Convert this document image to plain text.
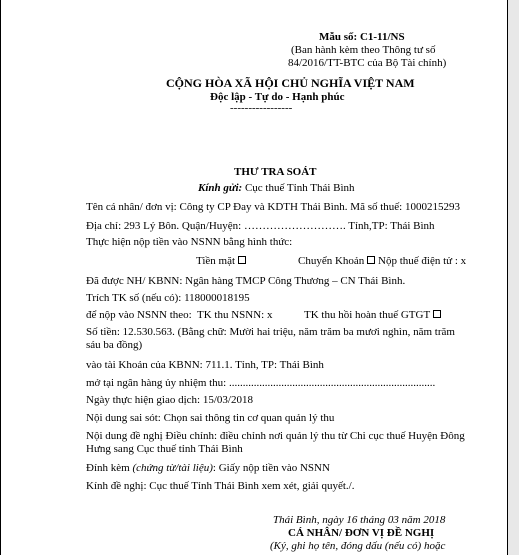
Mẫu số: C1-11/NS
(Ban hành kèm theo Thông tư số
84/2016/TT-BTC của Bộ Tài chính)
CỘNG HÒA XÃ HỘI CHỦ NGHĨA VIỆT NAM
Độc lập - Tự do - Hạnh phúc
-----------------
THƯ TRA SOÁT
Kính gửi: Cục thuế Tỉnh Thái Bình
Tên cá nhân/ đơn vị: Công ty CP Đay và KDTH Thái Bình. Mã số thuế: 1000215293
Địa chỉ: 293 Lý Bôn. Quận/Huyện: ………………………. Tỉnh,TP: Thái Bình
Thực hiện nộp tiền vào NSNN bằng hình thức:
Tiền mặt	Chuyển Khoản	Nộp thuế điện tử : x
Đã được NH/ KBNN: Ngân hàng TMCP Công Thương – CN Thái Bình.
Trích TK số (nếu có): 118000018195
để nộp vào NSNN theo: TK thu NSNN: x	TK thu hồi hoàn thuế GTGT
Số tiền: 12.530.563. (Bằng chữ: Mười hai triệu, năm trăm ba mươi nghìn, năm trăm
sáu ba đồng)
vào tài Khoản của KBNN: 711.1. Tỉnh, TP: Thái Bình
mở tại ngân hàng ủy nhiệm thu: ...........................................................................
Ngày thực hiện giao dịch: 15/03/2018
Nội dung sai sót: Chọn sai thông tin cơ quan quản lý thu
Nội dung đề nghị Điều chỉnh: điều chỉnh nơi quản lý thu từ Chi cục thuế Huyện Đông
Hưng sang Cục thuế tỉnh Thái Bình
Đính kèm (chứng từ/tài liệu): Giấy nộp tiền vào NSNN
Kính đề nghị: Cục thuế Tỉnh Thái Bình xem xét, giải quyết./.
Thái Bình, ngày 16 tháng 03 năm 2018
CÁ NHÂN/ ĐƠN VỊ ĐỀ NGHỊ
(Ký, ghi họ tên, đóng dấu (nếu có) hoặc
